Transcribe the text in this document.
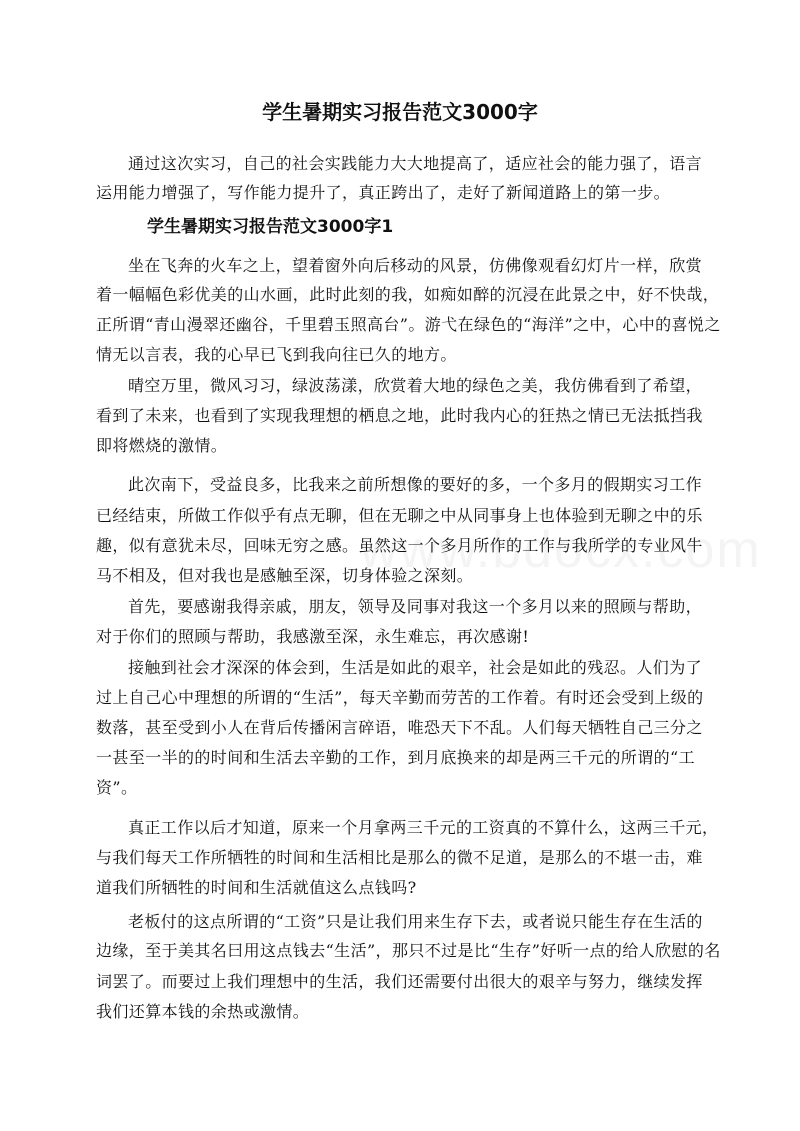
学生暑期实习报告范文3000字
通过这次实习，自己的社会实践能力大大地提高了，适应社会的能力强了，语言
运用能力增强了，写作能力提升了，真正跨出了，走好了新闻道路上的第一步。
学生暑期实习报告范文3000字1
坐在飞奔的火车之上，望着窗外向后移动的风景，仿佛像观看幻灯片一样，欣赏
着一幅幅色彩优美的山水画，此时此刻的我，如痴如醉的沉浸在此景之中，好不快哉，
正所谓“青山漫翠还幽谷，千里碧玉照高台”。游弋在绿色的“海洋”之中，心中的喜悦之
情无以言表，我的心早已飞到我向往已久的地方。
晴空万里，微风习习，绿波荡漾，欣赏着大地的绿色之美，我仿佛看到了希望，
看到了未来，也看到了实现我理想的栖息之地，此时我内心的狂热之情已无法抵挡我
即将燃烧的激情。
此次南下，受益良多，比我来之前所想像的要好的多，一个多月的假期实习工作
已经结束，所做工作似乎有点无聊，但在无聊之中从同事身上也体验到无聊之中的乐
趣，似有意犹未尽，回味无穷之感。虽然这一个多月所作的工作与我所学的专业风牛
马不相及，但对我也是感触至深，切身体验之深刻。
首先，要感谢我得亲戚，朋友，领导及同事对我这一个多月以来的照顾与帮助，
对于你们的照顾与帮助，我感激至深，永生难忘，再次感谢!
接触到社会才深深的体会到，生活是如此的艰辛，社会是如此的残忍。人们为了
过上自己心中理想的所谓的“生活”，每天辛勤而劳苦的工作着。有时还会受到上级的
数落，甚至受到小人在背后传播闲言碎语，唯恐天下不乱。人们每天牺牲自己三分之
一甚至一半的的时间和生活去辛勤的工作，到月底换来的却是两三千元的所谓的“工
资”。
真正工作以后才知道，原来一个月拿两三千元的工资真的不算什么，这两三千元，
与我们每天工作所牺牲的时间和生活相比是那么的微不足道，是那么的不堪一击，难
道我们所牺牲的时间和生活就值这么点钱吗?
老板付的这点所谓的“工资”只是让我们用来生存下去，或者说只能生存在生活的
边缘，至于美其名曰用这点钱去“生活”，那只不过是比“生存”好听一点的给人欣慰的名
词罢了。而要过上我们理想中的生活，我们还需要付出很大的艰辛与努力，继续发挥
我们还算本钱的余热或激情。
